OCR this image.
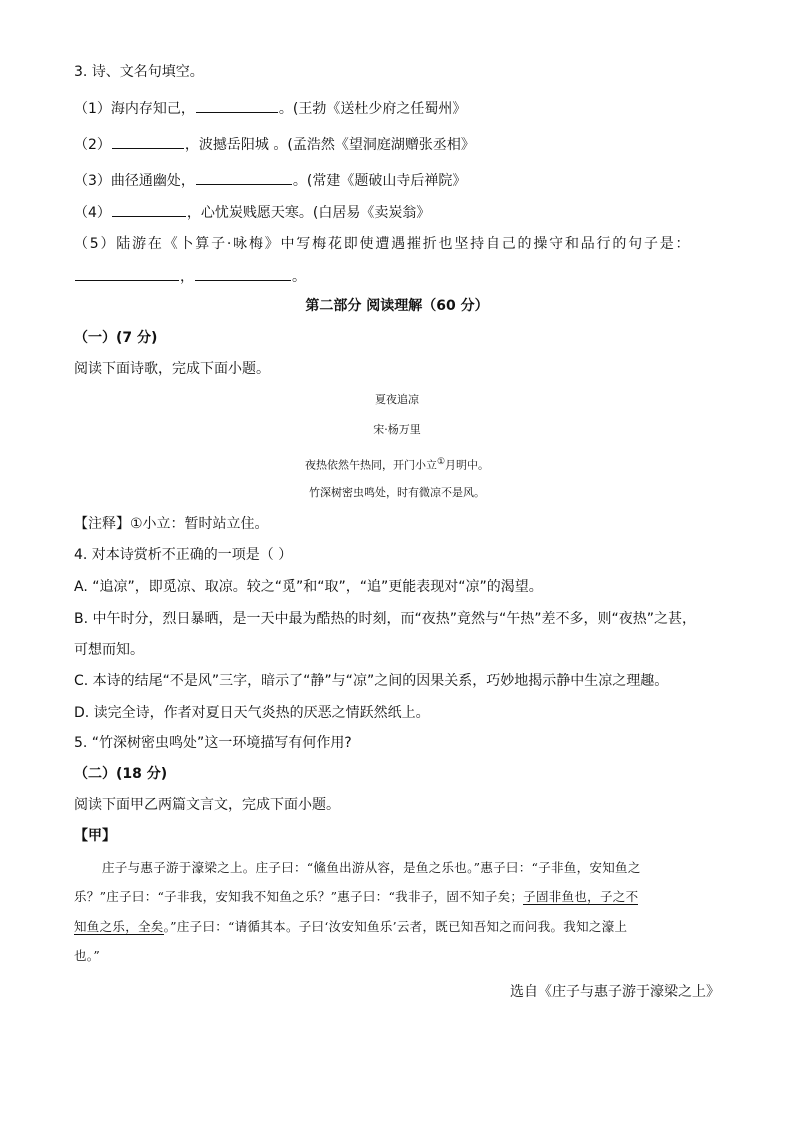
3. 诗、文名句填空。
（1）海内存知己，	。(王勃《送杜少府之任蜀州》
（2）	，波撼岳阳城 。(孟浩然《望洞庭湖赠张丞相》
（3）曲径通幽处，	。(常建《题破山寺后禅院》
（4）	，心忧炭贱愿天寒。(白居易《卖炭翁》
（5）陆游在《卜算子·咏梅》中写梅花即使遭遇摧折也坚持自己的操守和品行的句子是：
，	。
第二部分 阅读理解（60 分）
（一）(7 分)
阅读下面诗歌，完成下面小题。
夏夜追凉
宋·杨万里
夜热依然午热同，开门小立①月明中。
竹深树密虫鸣处，时有微凉不是风。
【注释】①小立：暂时站立住。
4. 对本诗赏析不正确的一项是（ ）
A. “追凉”，即觅凉、取凉。较之“觅”和“取”，“追”更能表现对“凉”的渴望。
B. 中午时分，烈日暴晒，是一天中最为酷热的时刻，而“夜热”竟然与“午热”差不多，则“夜热”之甚，
可想而知。
C. 本诗的结尾“不是风”三字，暗示了“静”与“凉”之间的因果关系，巧妙地揭示静中生凉之理趣。
D. 读完全诗，作者对夏日天气炎热的厌恶之情跃然纸上。
5. “竹深树密虫鸣处”这一环境描写有何作用?
（二）(18 分)
阅读下面甲乙两篇文言文，完成下面小题。
【甲】
庄子与惠子游于濠梁之上。庄子曰：“鯈鱼出游从容，是鱼之乐也。”惠子曰：“子非鱼，安知鱼之
乐？”庄子曰：“子非我，安知我不知鱼之乐？”惠子曰：“我非子，固不知子矣；子固非鱼也，子之不
知鱼之乐，全矣。”庄子曰：“请循其本。子曰‘汝安知鱼乐’云者，既已知吾知之而问我。我知之濠上
也。”
选自《庄子与惠子游于濠梁之上》
